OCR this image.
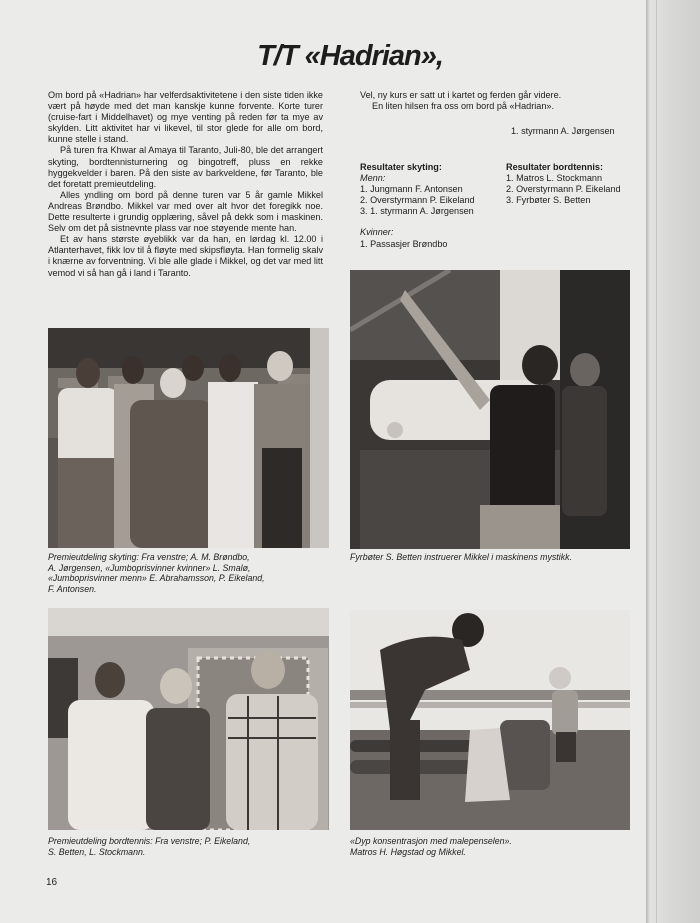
T/T «Hadrian»,

Om bord på «Hadrian» har velferdsaktivitetene i den siste tiden ikke vært på høyde med det man kanskje kunne forvente. Korte turer (cruise-fart i Middelhavet) og mye venting på reden før ta mye av skylden. Litt aktivitet har vi likevel, til stor glede for alle om bord, kunne stelle i stand.

På turen fra Khwar al Amaya til Taranto, Juli-80, ble det arrangert skyting, bordtennisturnering og bingotreff, pluss en rekke hyggekvelder i baren. På den siste av barkveldene, før Taranto, ble det foretatt premieutdeling.

Alles yndling om bord på denne turen var 5 år gamle Mikkel Andreas Brøndbo. Mikkel var med over alt hvor det foregikk noe. Dette resulterte i grundig opplæring, såvel på dekk som i maskinen. Selv om det på sistnevnte plass var noe støyende mente han.

Et av hans største øyeblikk var da han, en lørdag kl. 12.00 i Atlanterhavet, fikk lov til å fløyte med skipsfløyta. Han formelig skalv i knærne av forventning. Vi ble alle glade i Mikkel, og det var med litt vemod vi så han gå i land i Taranto.

Vel, ny kurs er satt ut i kartet og ferden går videre.

En liten hilsen fra oss om bord på «Hadrian».

1. styrmann A. Jørgensen
Resultater skyting:
Menn:
1. Jungmann F. Antonsen
2. Overstyrmann P. Eikeland
3. 1. styrmann A. Jørgensen
Kvinner:
1. Passasjer Brøndbo
Resultater bordtennis:
1. Matros L. Stockmann
2. Overstyrmann P. Eikeland
3. Fyrbøter S. Betten
Premieutdeling skyting: Fra venstre; A. M. Brøndbo,
A. Jørgensen, «Jumboprisvinner kvinner» L. Smalø,
«Jumboprisvinner menn» E. Abrahamsson, P. Eikeland,
F. Antonsen.
Fyrbøter S. Betten instruerer Mikkel i maskinens mystikk.
Premieutdeling bordtennis: Fra venstre; P. Eikeland,
S. Betten, L. Stockmann.
«Dyp konsentrasjon med malepenselen».
Matros H. Høgstad og Mikkel.
16
